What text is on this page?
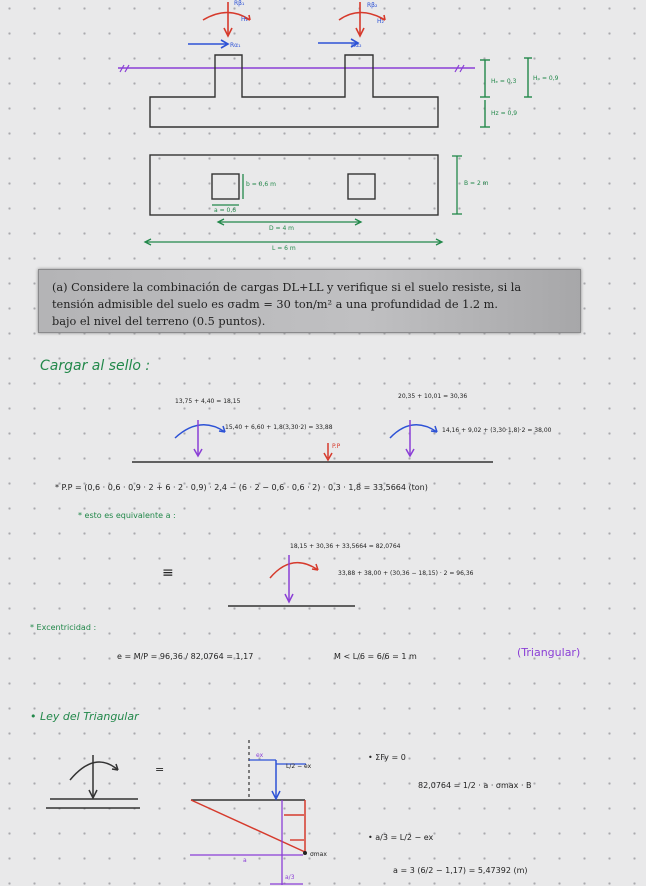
Rβ₁
H₁
Rβ₂
H₂
Rα₁	Rα₂
Hₑ = 0,3	Hₚ = 0,9
Hz = 0,9
b = 0,6 m
a = 0,6
B = 2 m
D = 4 m
L = 6 m
(a) Considere la combinación de cargas DL+LL y verifique si el suelo resiste, si la
tensión admisible del suelo es σadm = 30 ton/m² a una profundidad de 1.2 m.
bajo el nivel del terreno (0.5 puntos).
Cargar al sello :
13,75 + 4,40 = 18,15
15,40 + 6,60 + 1,8(3,30·2) = 33,88
20,35 + 10,01 = 30,36
14,16 + 9,02 + (3,30·1,8)·2 = 38,00
P.P
* P.P = (0,6 · 0,6 · 0,9 · 2 + 6 · 2 · 0,9) · 2,4 − (6 · 2 − 0,6 · 0,6 · 2) · 0,3 · 1,8 = 33,5664 (ton)
* esto es equivalente a :
≡
18,15 + 30,36 + 33,5664 = 82,0764
33,88 + 38,00 + (30,36 − 18,15) · 2 = 96,36
* Excentricidad :
e = M/P = 96,36 / 82,0764 = 1,17	M < L/6 = 6/6 = 1 m	(Triangular)
• Ley del Triangular
=
ex
L/2 − ex
σmax
a
a/3
• ΣFy = 0
82,0764 = 1/2 · a · σmax · B
• a/3 = L/2 − ex
a = 3 (6/2 − 1,17) = 5,47392 (m)
